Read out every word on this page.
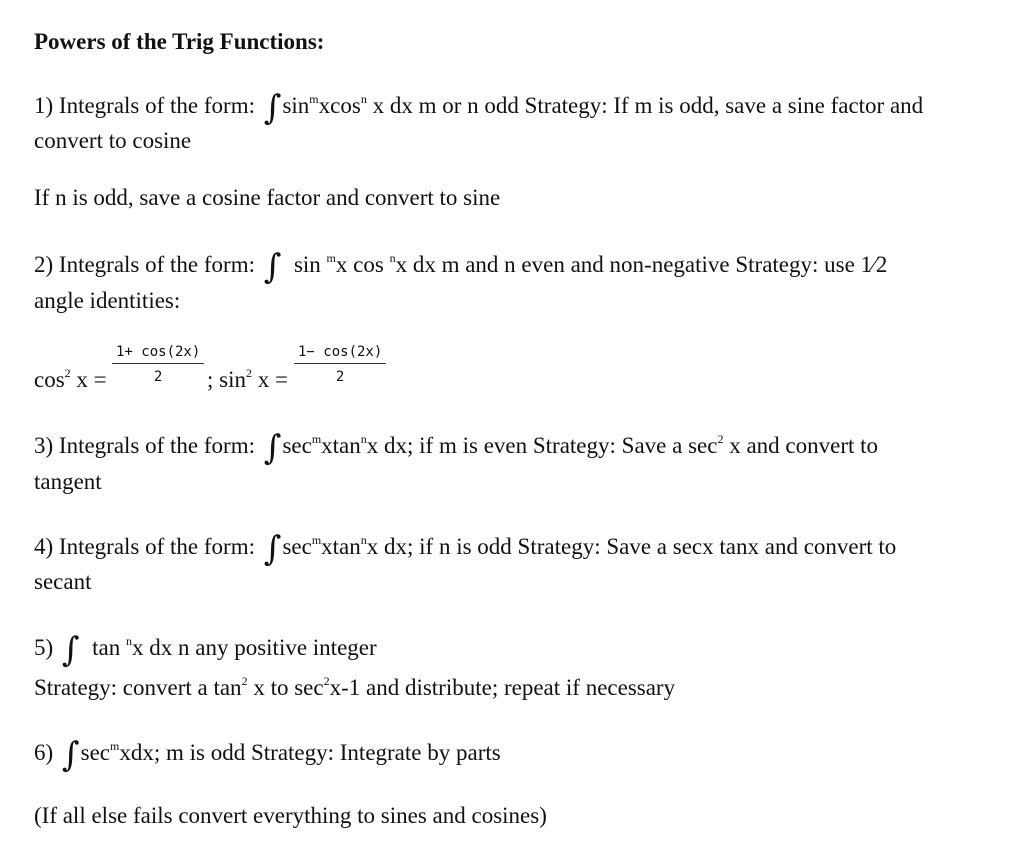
Powers of the Trig Functions:
1) Integrals of the form: $\int\sin^mxcos^n$ x dx m or n odd Strategy: If m is odd, save a sine factor and
convert to cosine
If n is odd, save a cosine factor and convert to sine
2) Integrals of the form: ∫ sin $^m$x cos $^n$x dx m and n even and non-negative Strategy: use 1⁄2
angle identities:
$\cos^2 x = \frac{1+ \cos(2x)}{2}$ ; $\sin^2 x = \frac{1- \cos(2x)}{2}$
3) Integrals of the form: $\int\sec^mxtan^nx$ dx; if m is even Strategy: Save a $\sec^2 x$ and convert to
tangent
4) Integrals of the form: $\int\sec^mxtan^nx$ dx; if n is odd Strategy: Save a secx tanx and convert to
secant
5) ∫ tan $^n$x dx n any positive integer
Strategy: convert a $\tan^2 x$ to $\sec^2x-1$ and distribute; repeat if necessary
6) $\int\sec^mxdx$; m is odd Strategy: Integrate by parts
(If all else fails convert everything to sines and cosines)
